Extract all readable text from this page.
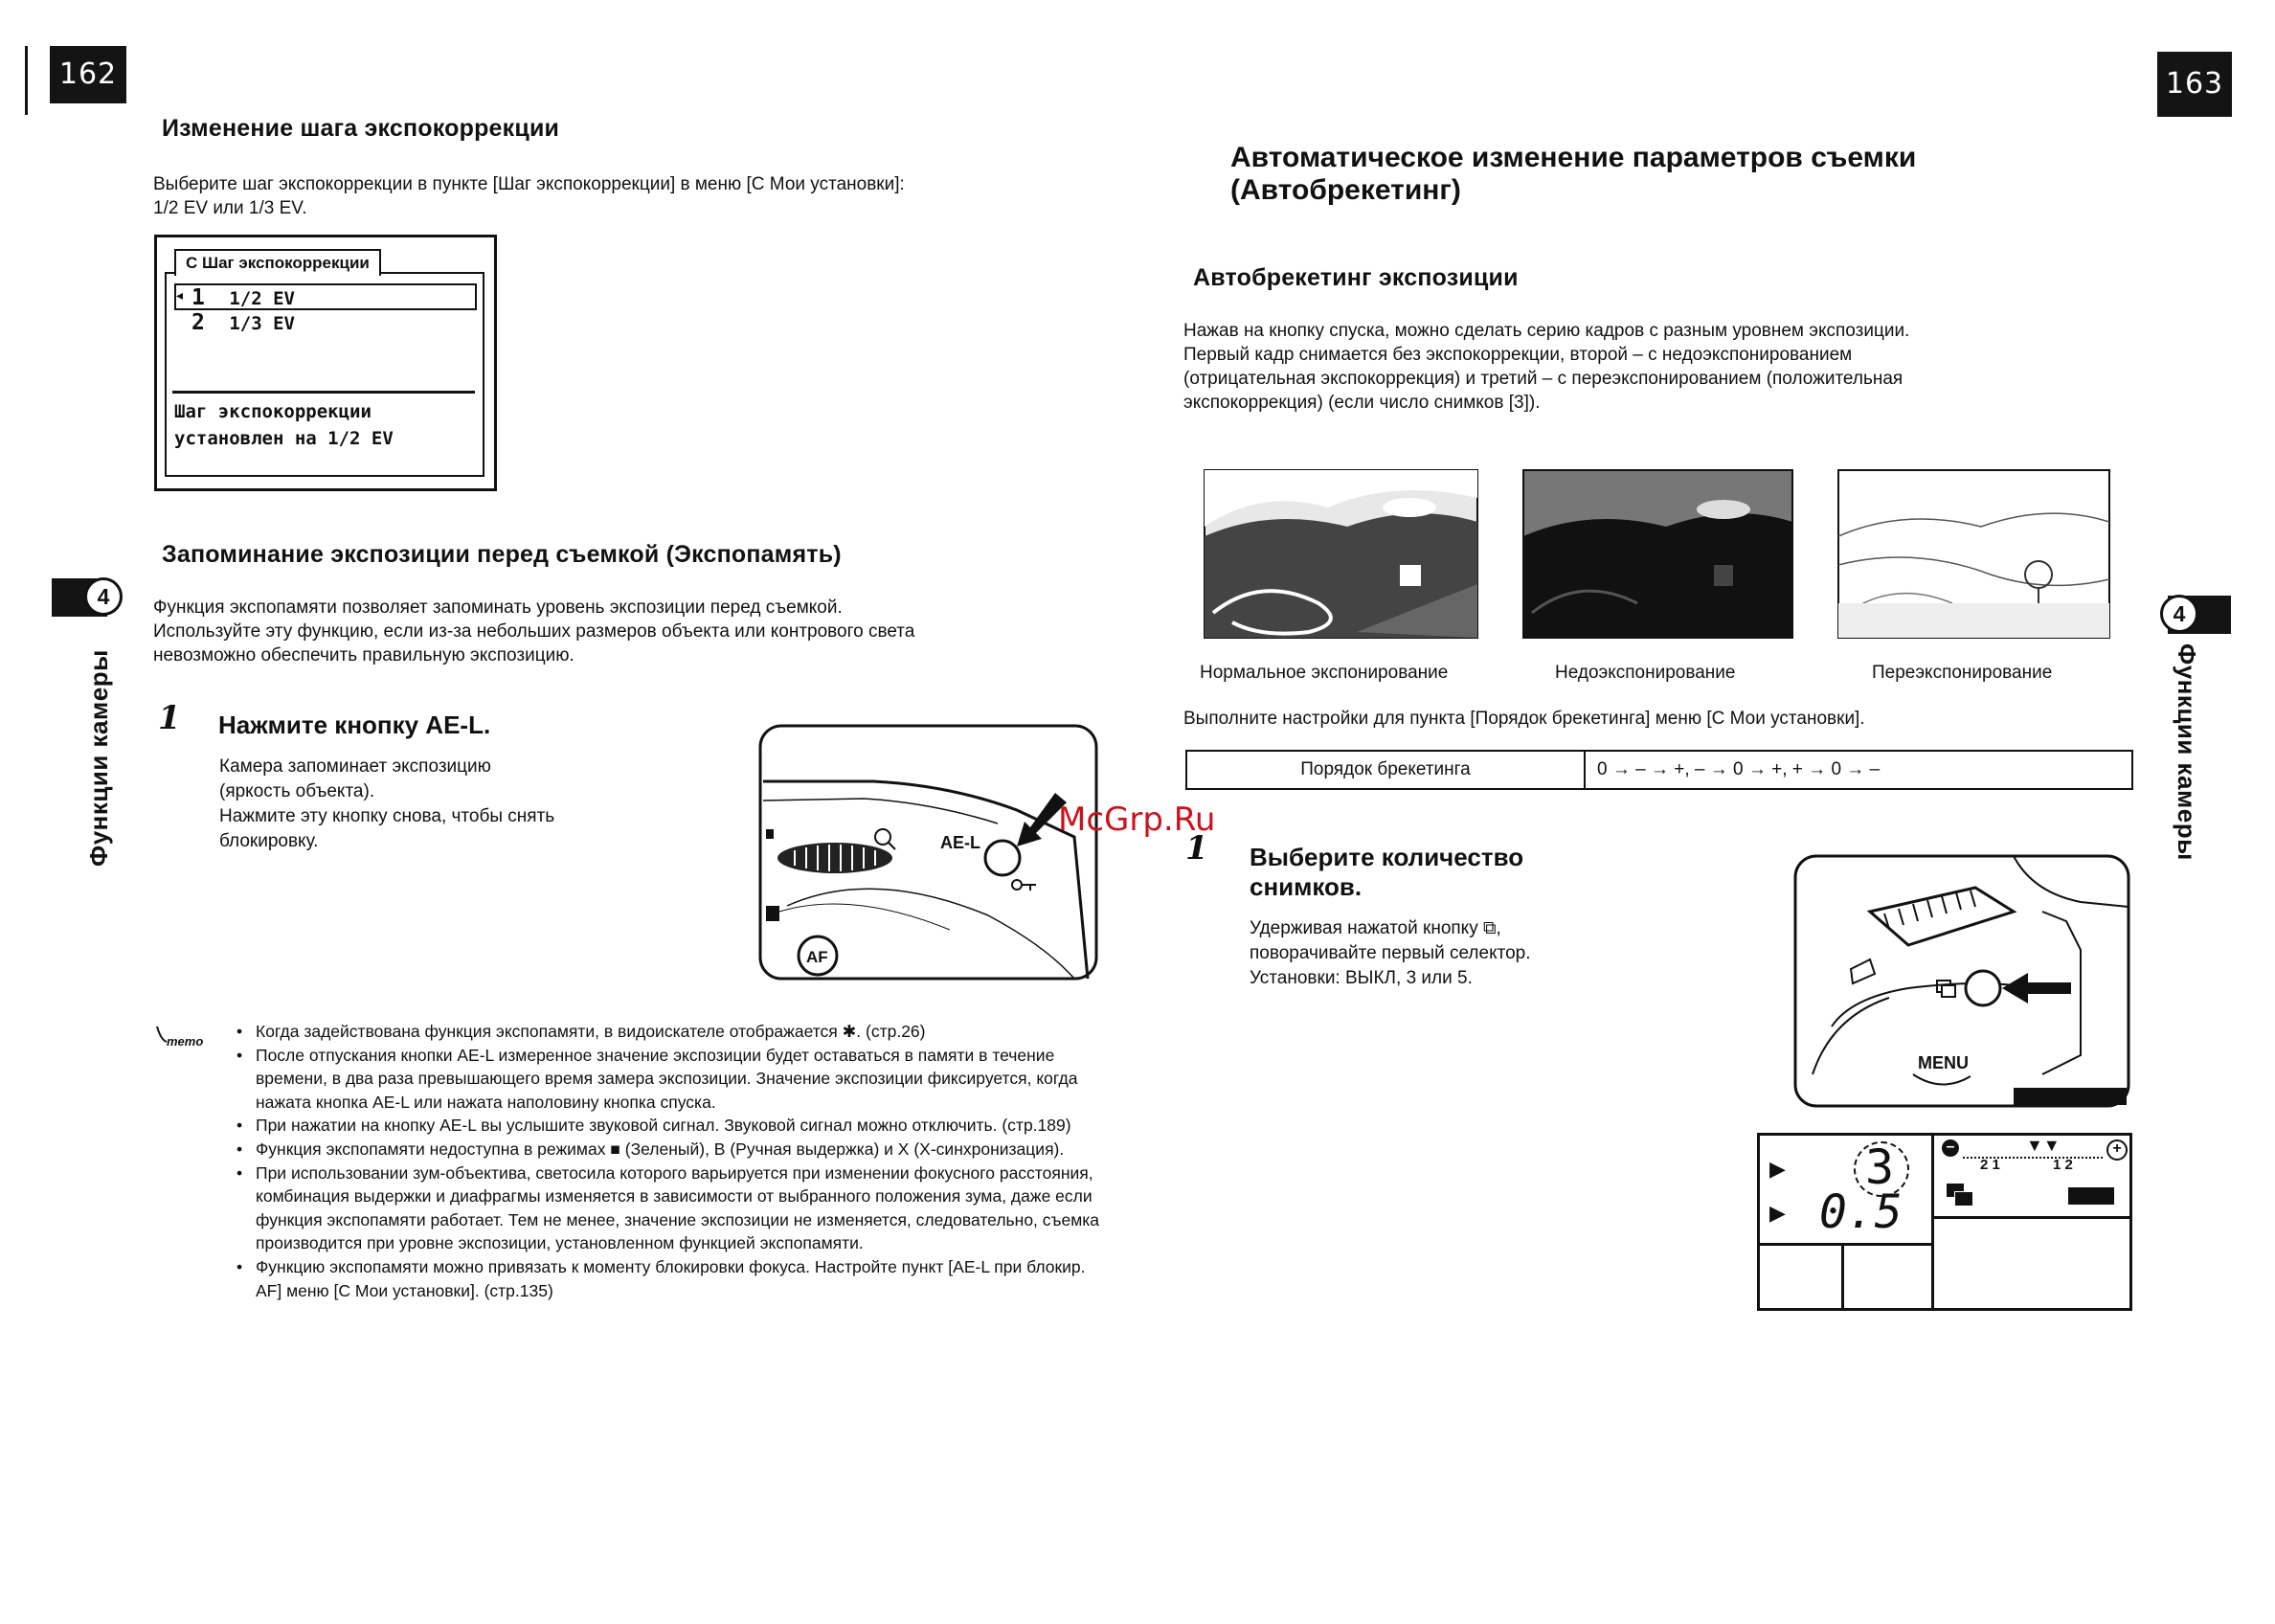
162
Изменение шага экспокоррекции
Выберите шаг экспокоррекции в пункте [Шаг экспокоррекции] в меню [C Мои установки]:
1/2 EV или 1/3 EV.
C Шаг экспокоррекции
◂ 1 1/2 EV
2 1/3 EV
Шаг экспокоррекции
установлен на 1/2 EV
Запоминание экспозиции перед съемкой (Экспопамять)
Функция экспопамяти позволяет запоминать уровень экспозиции перед съемкой.
Используйте эту функцию, если из-за небольших размеров объекта или контрового света
невозможно обеспечить правильную экспозицию.
4
Функции камеры 1 Нажмите кнопку AE-L.
Камера запоминает экспозицию
(яркость объекта).
Нажмите эту кнопку снова, чтобы снять
блокировку.	AE-L
AF
memo
• Когда задействована функция экспопамяти, в видоискателе отображается ✱. (стр.26)
• После отпускания кнопки AE-L измеренное значение экспозиции будет оставаться в памяти в течение времени, в два раза превышающего время замера экспозиции. Значение экспозиции фиксируется, когда нажата кнопка AE-L или нажата наполовину кнопка спуска.
• При нажатии на кнопку AE-L вы услышите звуковой сигнал. Звуковой сигнал можно отключить. (стр.189)
• Функция экспопамяти недоступна в режимах ■ (Зеленый), B (Ручная выдержка) и X (Х-синхронизация).
• При использовании зум-объектива, светосила которого варьируется при изменении фокусного расстояния, комбинация выдержки и диафрагмы изменяется в зависимости от выбранного положения зума, даже если функция экспопамяти работает. Тем не менее, значение экспозиции не изменяется, следовательно, съемка производится при уровне экспозиции, установленном функцией экспопамяти.
• Функцию экспопамяти можно привязать к моменту блокировки фокуса. Настройте пункт [AE-L при блокир. AF] меню [C Мои установки]. (стр.135)
163
Автоматическое изменение параметров съемки
(Автобрекетинг)
Автобрекетинг экспозиции
Нажав на кнопку спуска, можно сделать серию кадров с разным уровнем экспозиции.
Первый кадр снимается без экспокоррекции, второй – с недоэкспонированием
(отрицательная экспокоррекция) и третий – с переэкспонированием (положительная
экспокоррекция) (если число снимков [3]).
Нормальное экспонирование	Недоэкспонирование	Переэкспонирование
Выполните настройки для пункта [Порядок брекетинга] меню [C Мои установки].
Порядок брекетинга	0 → – → +, – → 0 → +, + → 0 → –
McGrp.Ru
1 Выберите количество
снимков.
Удерживая нажатой кнопку ⧉,
поворачивайте первый селектор.
Установки: ВЫКЛ, 3 или 5.
MENU
▶
▶
3
0.5
–	+
▼▼
2 1	1 2
4
Функции камеры
